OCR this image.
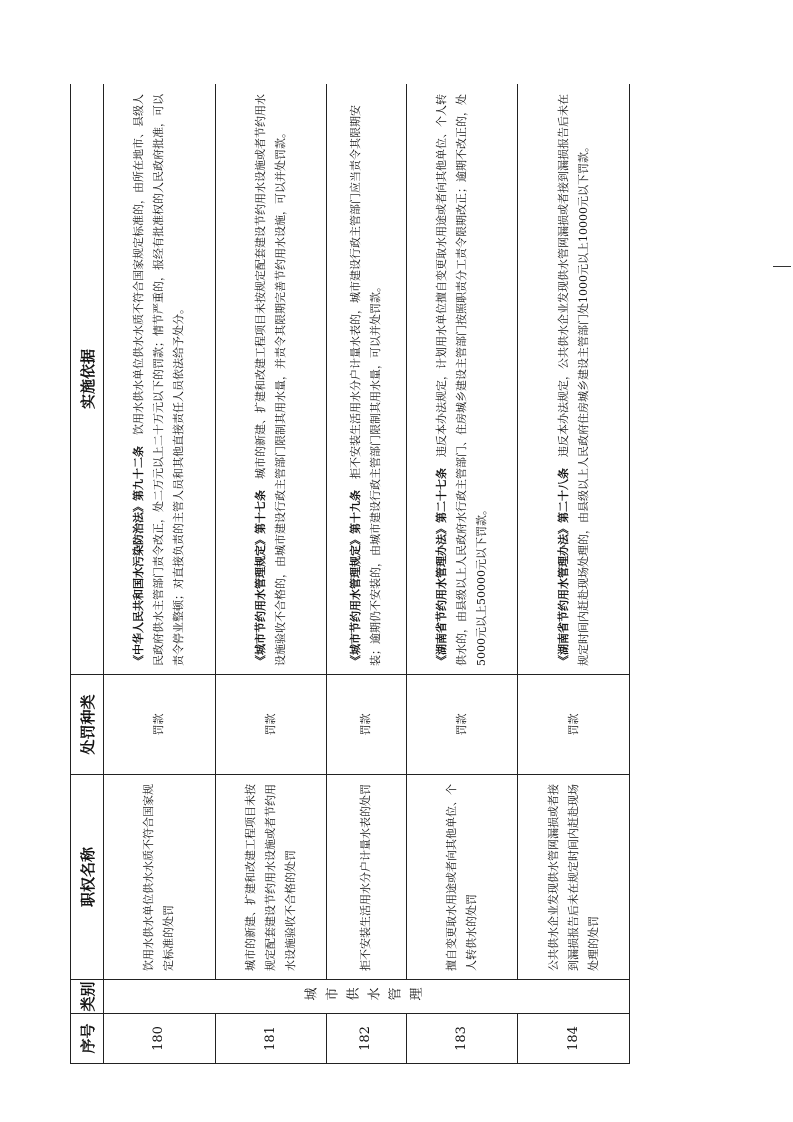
序号	类别	职权名称	处罚种类	实施依据
180	城市供水管理	饮用水供水单位供水水质不符合国家规定标准的处罚	罚款	《中华人民共和国水污染防治法》第九十二条　饮用水供水单位供水水质不符合国家规定标准的，由所在地市、县级人民政府供水主管部门责令改正，处二万元以上二十万元以下的罚款；情节严重的，报经有批准权的人民政府批准，可以责令停业整顿；对直接负责的主管人员和其他直接责任人员依法给予处分。
181		城市的新建、扩建和改建工程项目未按规定配套建设节约用水设施或者节约用水设施验收不合格的处罚	罚款	《城市节约用水管理规定》第十七条　城市的新建、扩建和改建工程项目未按规定配套建设节约用水设施或者节约用水设施验收不合格的，由城市建设行政主管部门限制其用水量，并责令其限期完善节约用水设施，可以并处罚款。
182		拒不安装生活用水分户计量水表的处罚	罚款	《城市节约用水管理规定》第十九条　拒不安装生活用水分户计量水表的，城市建设行政主管部门应当责令其限期安装；逾期仍不安装的，由城市建设行政主管部门限制其用水量，可以并处罚款。
183		擅自变更取水用途或者向其他单位、个人转供水的处罚	罚款	《湖南省节约用水管理办法》第二十七条　违反本办法规定，计划用水单位擅自变更取水用途或者向其他单位、个人转供水的，由县级以上人民政府水行政主管部门、住房城乡建设主管部门按照职责分工责令限期改正；逾期不改正的，处5000元以上50000元以下罚款。
184		公共供水企业发现供水管网漏损或者接到漏损报告后未在规定时间内赶赴现场处理的处罚	罚款	《湖南省节约用水管理办法》第二十八条　违反本办法规定，公共供水企业发现供水管网漏损或者接到漏损报告后未在规定时间内赶赴现场处理的，由县级以上人民政府住房城乡建设主管部门处1000元以上10000元以下罚款。
